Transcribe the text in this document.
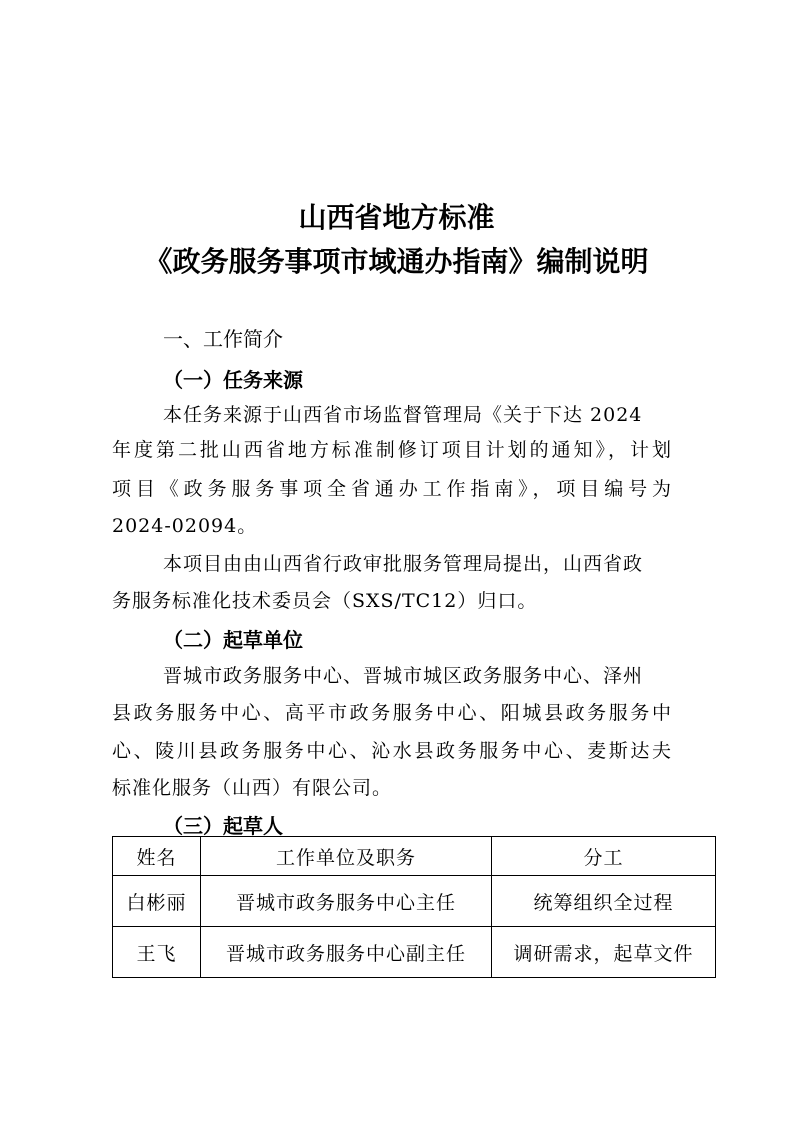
山西省地方标准
《政务服务事项市域通办指南》编制说明
一、工作简介
（一）任务来源
本任务来源于山西省市场监督管理局《关于下达 2024
年度第二批山西省地方标准制修订项目计划的通知》，计划
项目《政务服务事项全省通办工作指南》，项目编号为
2024-02094。
本项目由由山西省行政审批服务管理局提出，山西省政
务服务标准化技术委员会（SXS/TC12）归口。
（二）起草单位
晋城市政务服务中心、晋城市城区政务服务中心、泽州
县政务服务中心、高平市政务服务中心、阳城县政务服务中
心、陵川县政务服务中心、沁水县政务服务中心、麦斯达夫
标准化服务（山西）有限公司。
（三）起草人
姓名	工作单位及职务	分工
白彬丽	晋城市政务服务中心主任	统筹组织全过程
王飞	晋城市政务服务中心副主任	调研需求，起草文件
